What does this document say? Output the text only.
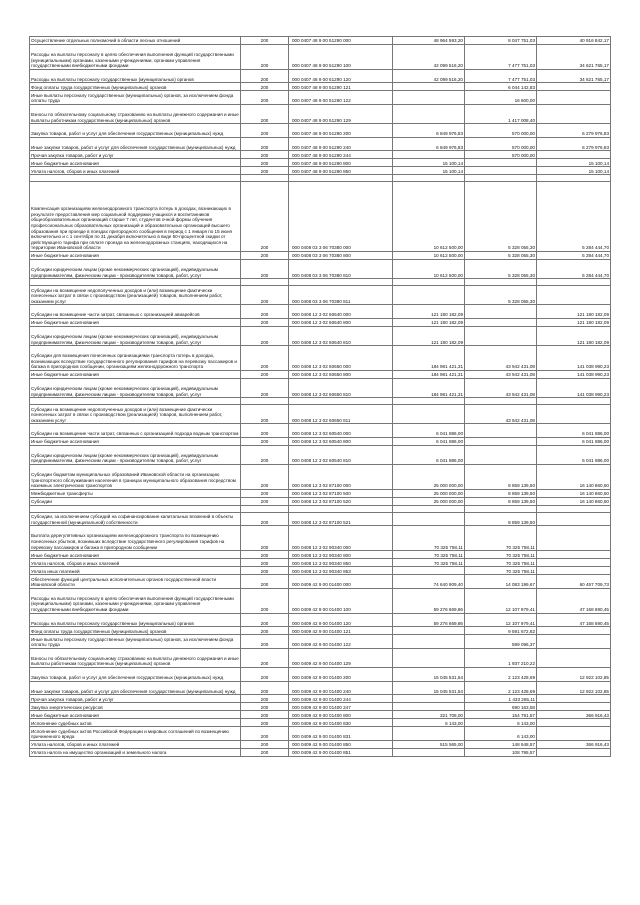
Осуществление отдельных полномочий в области лесных отношений	200	000 0407 48 9 00 51290 000	48 964 593,20	8 047 751,03	40 916 842,17
Расходы на выплаты персоналу в целях обеспечения выполнения функций государственными (муниципальными) органами, казенными учреждениями, органами управления государственными внебюджетными фондами	200	000 0407 48 9 00 51290 100	42 099 516,20	7 477 751,03	34 621 765,17
Расходы на выплаты персоналу государственных (муниципальных) органов	200	000 0407 48 9 00 51290 120	42 099 516,20	7 477 751,03	34 621 765,17
Фонд оплаты труда государственных (муниципальных) органов	200	000 0407 48 9 00 51290 121		6 044 142,83	
Иные выплаты персоналу государственных (муниципальных) органов, за исключением фонда оплаты труда	200	000 0407 48 9 00 51290 122		16 600,00	
Взносы по обязательному социальному страхованию на выплаты денежного содержания и иные выплаты работникам государственных (муниципальных) органов	200	000 0407 48 9 00 51290 129		1 417 008,40	
Закупка товаров, работ и услуг для обеспечения государственных (муниципальных) нужд	200	000 0407 48 9 00 51290 200	6 849 976,83	570 000,00	6 279 976,83
Иные закупки товаров, работ и услуг для обеспечения государственных (муниципальных) нужд	200	000 0407 48 9 00 51290 240	6 849 976,83	570 000,00	6 279 976,83
Прочая закупка товаров, работ и услуг	200	000 0407 48 9 00 51290 244		570 000,00	
Иные бюджетные ассигнования	200	000 0407 48 9 00 51290 800	15 100,14		15 100,14
Уплата налогов, сборов и иных платежей	200	000 0407 48 9 00 51290 850	15 100,14		15 100,14

Компенсация организациям железнодорожного транспорта потерь в доходах, возникающих в результате предоставления мер социальной поддержки учащихся и воспитанников общеобразовательных организаций старше 7 лет, студентов очной формы обучения профессиональных образовательных организаций и образовательных организаций высшего образования при проезде в поездах пригородного сообщения в период с 1 января по 15 июня включительно и с 1 сентября по 31 декабря включительно в виде 50-процентной скидки от действующего тарифа при оплате проезда на железнодорожных станциях, находящихся на территории Ивановской области	200	000 0408 03 3 06 70380 000	10 612 500,00	5 328 055,30	5 284 444,70
Иные бюджетные ассигнования	200	000 0408 03 3 06 70380 800	10 612 500,00	5 328 055,30	5 284 444,70
Субсидии юридическим лицам (кроме некоммерческих организаций), индивидуальным предпринимателям, физическим лицам - производителям товаров, работ, услуг	200	000 0408 03 3 06 70380 810	10 612 500,00	5 328 055,30	5 284 444,70

Субсидии на возмещение недополученных доходов и (или) возмещение фактически понесенных затрат в связи с производством (реализацией) товаров, выполнением работ, оказанием услуг	200	000 0408 03 3 06 70380 811		5 328 055,30	
Субсидии на возмещение части затрат, связанных с организацией авиарейсов	200	000 0408 12 3 02 60640 000	121 180 182,09		121 180 182,09
Иные бюджетные ассигнования	200	000 0408 12 3 02 60640 800	121 180 182,09		121 180 182,09
Субсидии юридическим лицам (кроме некоммерческих организаций), индивидуальным предпринимателям, физическим лицам - производителям товаров, работ, услуг	200	000 0408 12 3 02 60640 810	121 180 182,09		121 180 182,09
Субсидии для возмещения понесенных организациями транспорта потерь в доходах, возникающих вследствие государственного регулирования тарифов на перевозку пассажиров и багажа в пригородном сообщении, организациям железнодорожного транспорта	200	000 0408 12 3 02 60650 000	184 981 421,31	43 942 431,08	141 038 990,23
Иные бюджетные ассигнования	200	000 0408 12 3 02 60650 800	184 981 421,31	43 942 431,08	141 038 990,23
Субсидии юридическим лицам (кроме некоммерческих организаций), индивидуальным предпринимателям, физическим лицам - производителям товаров, работ, услуг	200	000 0408 12 3 02 60650 810	184 981 421,31	43 942 431,08	141 038 990,23

Субсидии на возмещение недополученных доходов и (или) возмещение фактически понесенных затрат в связи с производством (реализацией) товаров, выполнением работ, оказанием услуг	200	000 0408 12 3 02 60650 811		43 942 431,08	
Субсидии на возмещение части затрат, связанных с организацией подхода водным транспортом	200	000 0408 12 3 02 60540 000	6 041 886,00		6 041 886,00
Иные бюджетные ассигнования	200	000 0408 12 3 02 60540 800	6 041 886,00		6 041 886,00
Субсидии юридическим лицам (кроме некоммерческих организаций), индивидуальным предпринимателям, физическим лицам - производителям товаров, работ, услуг	200	000 0408 12 3 02 60540 810	6 041 886,00		6 041 886,00
Субсидии бюджетам муниципальных образований Ивановской области на организацию транспортного обслуживания населения в границах муниципального образования посредством наземных электрических транспортов	200	000 0408 12 3 02 87100 000	25 000 000,00	8 859 139,50	16 140 860,50
Межбюджетные трансферты	200	000 0408 12 3 02 87100 500	25 000 000,00	8 859 139,50	16 140 860,50
Субсидии	200	000 0408 12 3 02 87100 520	25 000 000,00	8 859 139,50	16 140 860,50

Субсидии, за исключением субсидий на софинансирование капитальных вложений в объекты государственной (муниципальной) собственности	200	000 0408 12 3 02 87100 521		8 859 139,50	
Выплата дерегулятивных организациям железнодорожного транспорта по возмещению понесенных убытков, возникших вследствие государственного регулирования тарифов на перевозку пассажиров и багажа в пригородном сообщении	200	000 0408 12 3 02 90340 000	70 325 758,11	70 325 758,11	
Иные бюджетные ассигнования	200	000 0408 12 3 02 90340 800	70 325 758,11	70 325 758,11	
Уплата налогов, сборов и иных платежей	200	000 0408 12 3 02 90340 850	70 325 758,11	70 325 758,11	
Уплата иных платежей	200	000 0408 12 3 02 90340 853		70 325 758,11	
Обеспечение функций центральных исполнительных органов государственной власти Ивановской области	200	000 0409 42 9 00 01400 000	74 640 909,40	14 083 199,67	60 457 709,73
Расходы на выплаты персоналу в целях обеспечения выполнения функций государственными (муниципальными) органами, казенными учреждениями, органами управления государственными внебюджетными фондами	200	000 0409 42 9 00 01400 100	59 276 669,86	12 107 979,41	47 168 690,45
Расходы на выплаты персоналу государственных (муниципальных) органов	200	000 0409 42 9 00 01400 120	59 276 669,86	12 107 979,41	47 168 690,45
Фонд оплаты труда государственных (муниципальных) органов	200	000 0409 42 9 00 01400 121		9 591 672,82	
Иные выплаты персоналу государственных (муниципальных) органов, за исключением фонда оплаты труда	200	000 0409 42 9 00 01400 122		599 096,37	
Взносы по обязательному социальному страхованию на выплаты денежного содержания и иные выплаты работникам государственных (муниципальных) органов	200	000 0409 42 9 00 01400 129		1 937 210,22	
Закупка товаров, работ и услуг для обеспечения государственных (муниципальных) нужд	200	000 0409 42 9 00 01400 200	15 045 531,54	2 123 428,69	12 922 102,85
Иные закупки товаров, работ и услуг для обеспечения государственных (муниципальных) нужд	200	000 0409 42 9 00 01400 240	15 045 531,54	2 123 428,69	12 922 102,85
Прочая закупка товаров, работ и услуг	200	000 0409 42 9 00 01400 244		1 433 265,11	
Закупка энергетических ресурсов	200	000 0409 42 9 00 01400 247		690 163,58	
Иные бюджетные ассигнования	200	000 0409 42 9 00 01400 800	321 708,00	154 791,57	366 916,43
Исполнение судебных актов	200	000 0409 42 9 00 01400 830	6 143,00	6 143,00	
Исполнение судебных актов Российской Федерации и мировых соглашений по возмещению причиненного вреда	200	000 0409 42 9 00 01400 831		6 143,00	
Уплата налогов, сборов и иных платежей	200	000 0409 42 9 00 01400 850	515 565,00	148 648,57	366 916,43
Уплата налога на имущество организаций и земельного налога	200	000 0409 42 9 00 01400 851		108 795,57	
